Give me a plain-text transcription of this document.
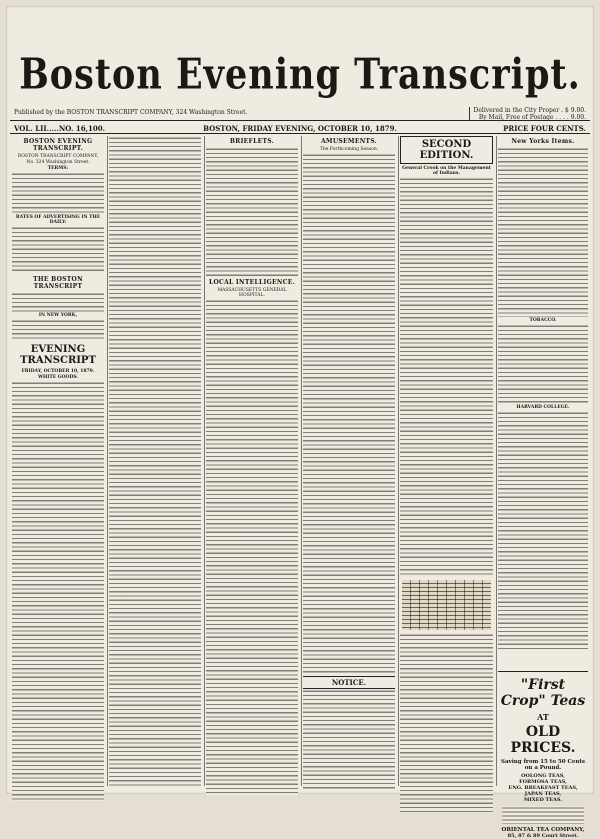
Boston Evening Transcript.
Published by the BOSTON TRANSCRIPT COMPANY, 324 Washington Street.	Delivered in the City Proper . $ 9.00.
By Mail, Free of Postage . . . . 9.00.
VOL. LII.....NO. 16,100.	BOSTON, FRIDAY EVENING, OCTOBER 10, 1879.	PRICE FOUR CENTS.
BOSTON EVENING TRANSCRIPT.
BOSTON TRANSCRIPT COMPANY,
No. 324 Washington Street.
TERMS:
RATES OF ADVERTISING IN THE DAILY:
THE BOSTON TRANSCRIPT
IN NEW YORK,
EVENING TRANSCRIPT
FRIDAY, OCTOBER 10, 1879.
WHITE GOODS.
BRIEFLETS.
LOCAL INTELLIGENCE.
MASSACHUSETTS GENERAL HOSPITAL.
AMUSEMENTS.
The Forthcoming Season.
NOTICE.
SECOND EDITION.
General Crook on the Management of Indians.
New Yorks Items.
TOBACCO.
HARVARD COLLEGE.
"First Crop" Teas
AT
OLD PRICES.
Saving from 15 to 50 Cents on a Pound.
OOLONG TEAS,
FORMOSA TEAS,
ENG. BREAKFAST TEAS,
JAPAN TEAS,
MIXED TEAS.
ORIENTAL TEA COMPANY,
85, 87 & 89 Court Street.
